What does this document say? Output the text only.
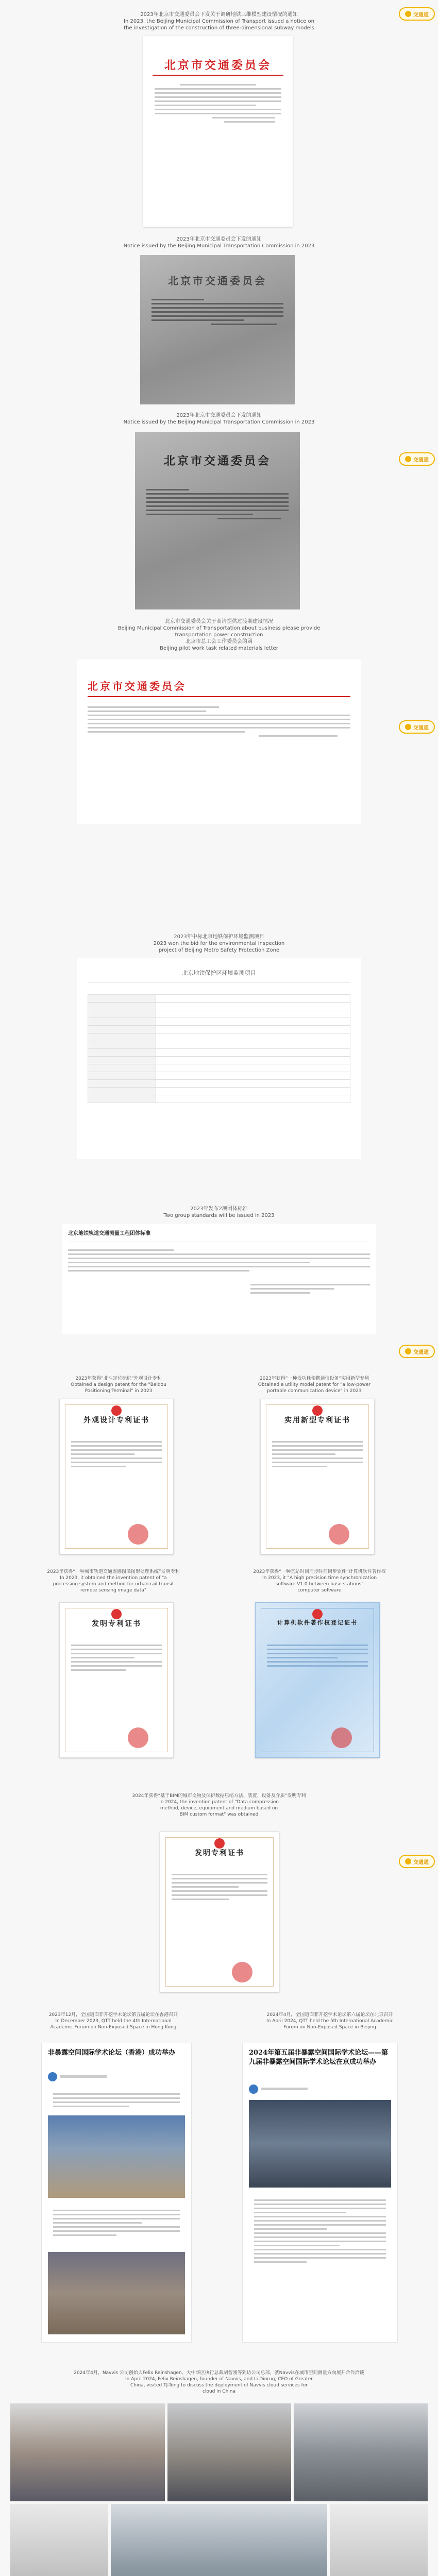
交通通
交通通
交通通
交通通
交通通
2023年北京市交通委员会下发关于调研地铁三维模型建设情况的通知
In 2023, the Beijing Municipal Commission of Transport issued a notice on
the investigation of the construction of three-dimensional subway models
北京市交通委员会
2023年北京市交通委员会下发的通知
Notice issued by the Beijing Municipal Transportation Commission in 2023
北京市交通委员会
2023年北京市交通委员会下发的通知
Notice issued by the Beijing Municipal Transportation Commission in 2023
北京市交通委员会
北京市交通委员会关于商请提供过渡期建设情况
Beijing Municipal Commission of Transportation about business please provide
transportation power construction
北京市总工会工作委员会的函
Beijing pilot work task related materials letter
北京市交通委员会
2023年中标北京地铁保护环境监测项目
2023 won the bid for the environmental inspection
project of Beijing Metro Safety Protection Zone
北京地铁保护区环境监测项目

2023年发布2项团体标准
Two group standards will be issued in 2023
北京地铁轨道交通测量工程团体标准
2023年获得“北斗定位标桩”外观设计专利
Obtained a design patent for the "Beidou
Positioning Terminal" in 2023
2023年获得“一种低功耗便携通信设备”实用新型专利
Obtained a utility model patent for "a low-power
portable communication device" in 2023
外观设计专利证书	实用新型专利证书
2023年获得“一种城市轨道交通遥感图像图形处理系统”发明专利
In 2023, it obtained the invention patent of "a
processing system and method for urban rail transit
remote sensing image data"
2023年获得“一种基站时间同步时间同步软件”计算机软件著作权
In 2023, it "A high precision time synchronization
software V1.0 between base stations"
computer software
发明专利证书	计算机软件著作权登记证书
2024年获得“基于BIM的城市文物及保护数据压缩方法、装置、设备及介质”发明专利
In 2024, the invention patent of "Data compression
method, device, equipment and medium based on
BIM custom format" was obtained
发明专利证书
2023年12月，全国道面非开挖学术论坛第五届论坛在香港召开
In December 2023, QTT held the 4th International
Academic Forum on Non-Exposed Space in Hong Kong
2024年4月，全国道面非开挖学术论坛第六届论坛在北京召开
In April 2024, QTT held the 5th International Academic
Forum on Non-Exposed Space in Beijing
非暴露空间国际学术论坛（香港）成功举办	2024年第五届非暴露空间国际学术论坛——第九届非暴露空间国际学术论坛在京成功举办
2024年4月，Navvis 公司创始人Felix Reinshagen、大中华区执行总裁胡智刚等到访公司总部，就Navvis在城市空间测量方向展开合作洽谈
In April 2024, Felix Reinshagen, founder of Navvis, and Li Dinrug, CEO of Greater
China, visited TJ-Tong to discuss the deployment of Navvis cloud services for
cloud in China
